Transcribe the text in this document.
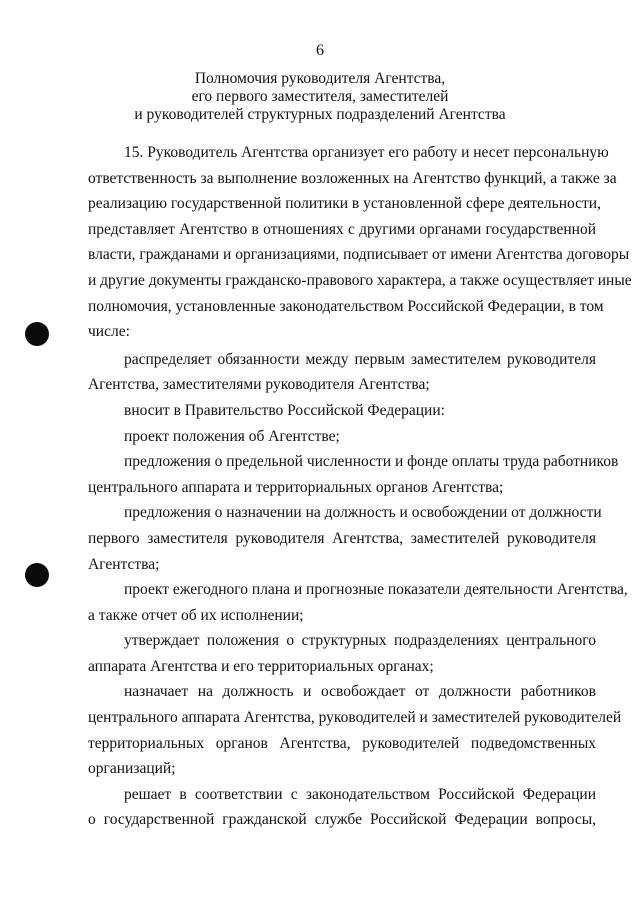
6
Полномочия руководителя Агентства,
его первого заместителя, заместителей
и руководителей структурных подразделений Агентства
15. Руководитель Агентства организует его работу и несет персональную
ответственность за выполнение возложенных на Агентство функций, а также за
реализацию государственной политики в установленной сфере деятельности,
представляет Агентство в отношениях с другими органами государственной
власти, гражданами и организациями, подписывает от имени Агентства договоры
и другие документы гражданско-правового характера, а также осуществляет иные
полномочия, установленные законодательством Российской Федерации, в том
числе:
распределяет обязанности между первым заместителем руководителя
Агентства, заместителями руководителя Агентства;
вносит в Правительство Российской Федерации:
проект положения об Агентстве;
предложения о предельной численности и фонде оплаты труда работников
центрального аппарата и территориальных органов Агентства;
предложения о назначении на должность и освобождении от должности
первого заместителя руководителя Агентства, заместителей руководителя
Агентства;
проект ежегодного плана и прогнозные показатели деятельности Агентства,
а также отчет об их исполнении;
утверждает положения о структурных подразделениях центрального
аппарата Агентства и его территориальных органах;
назначает на должность и освобождает от должности работников
центрального аппарата Агентства, руководителей и заместителей руководителей
территориальных органов Агентства, руководителей подведомственных
организаций;
решает в соответствии с законодательством Российской Федерации
о государственной гражданской службе Российской Федерации вопросы,
